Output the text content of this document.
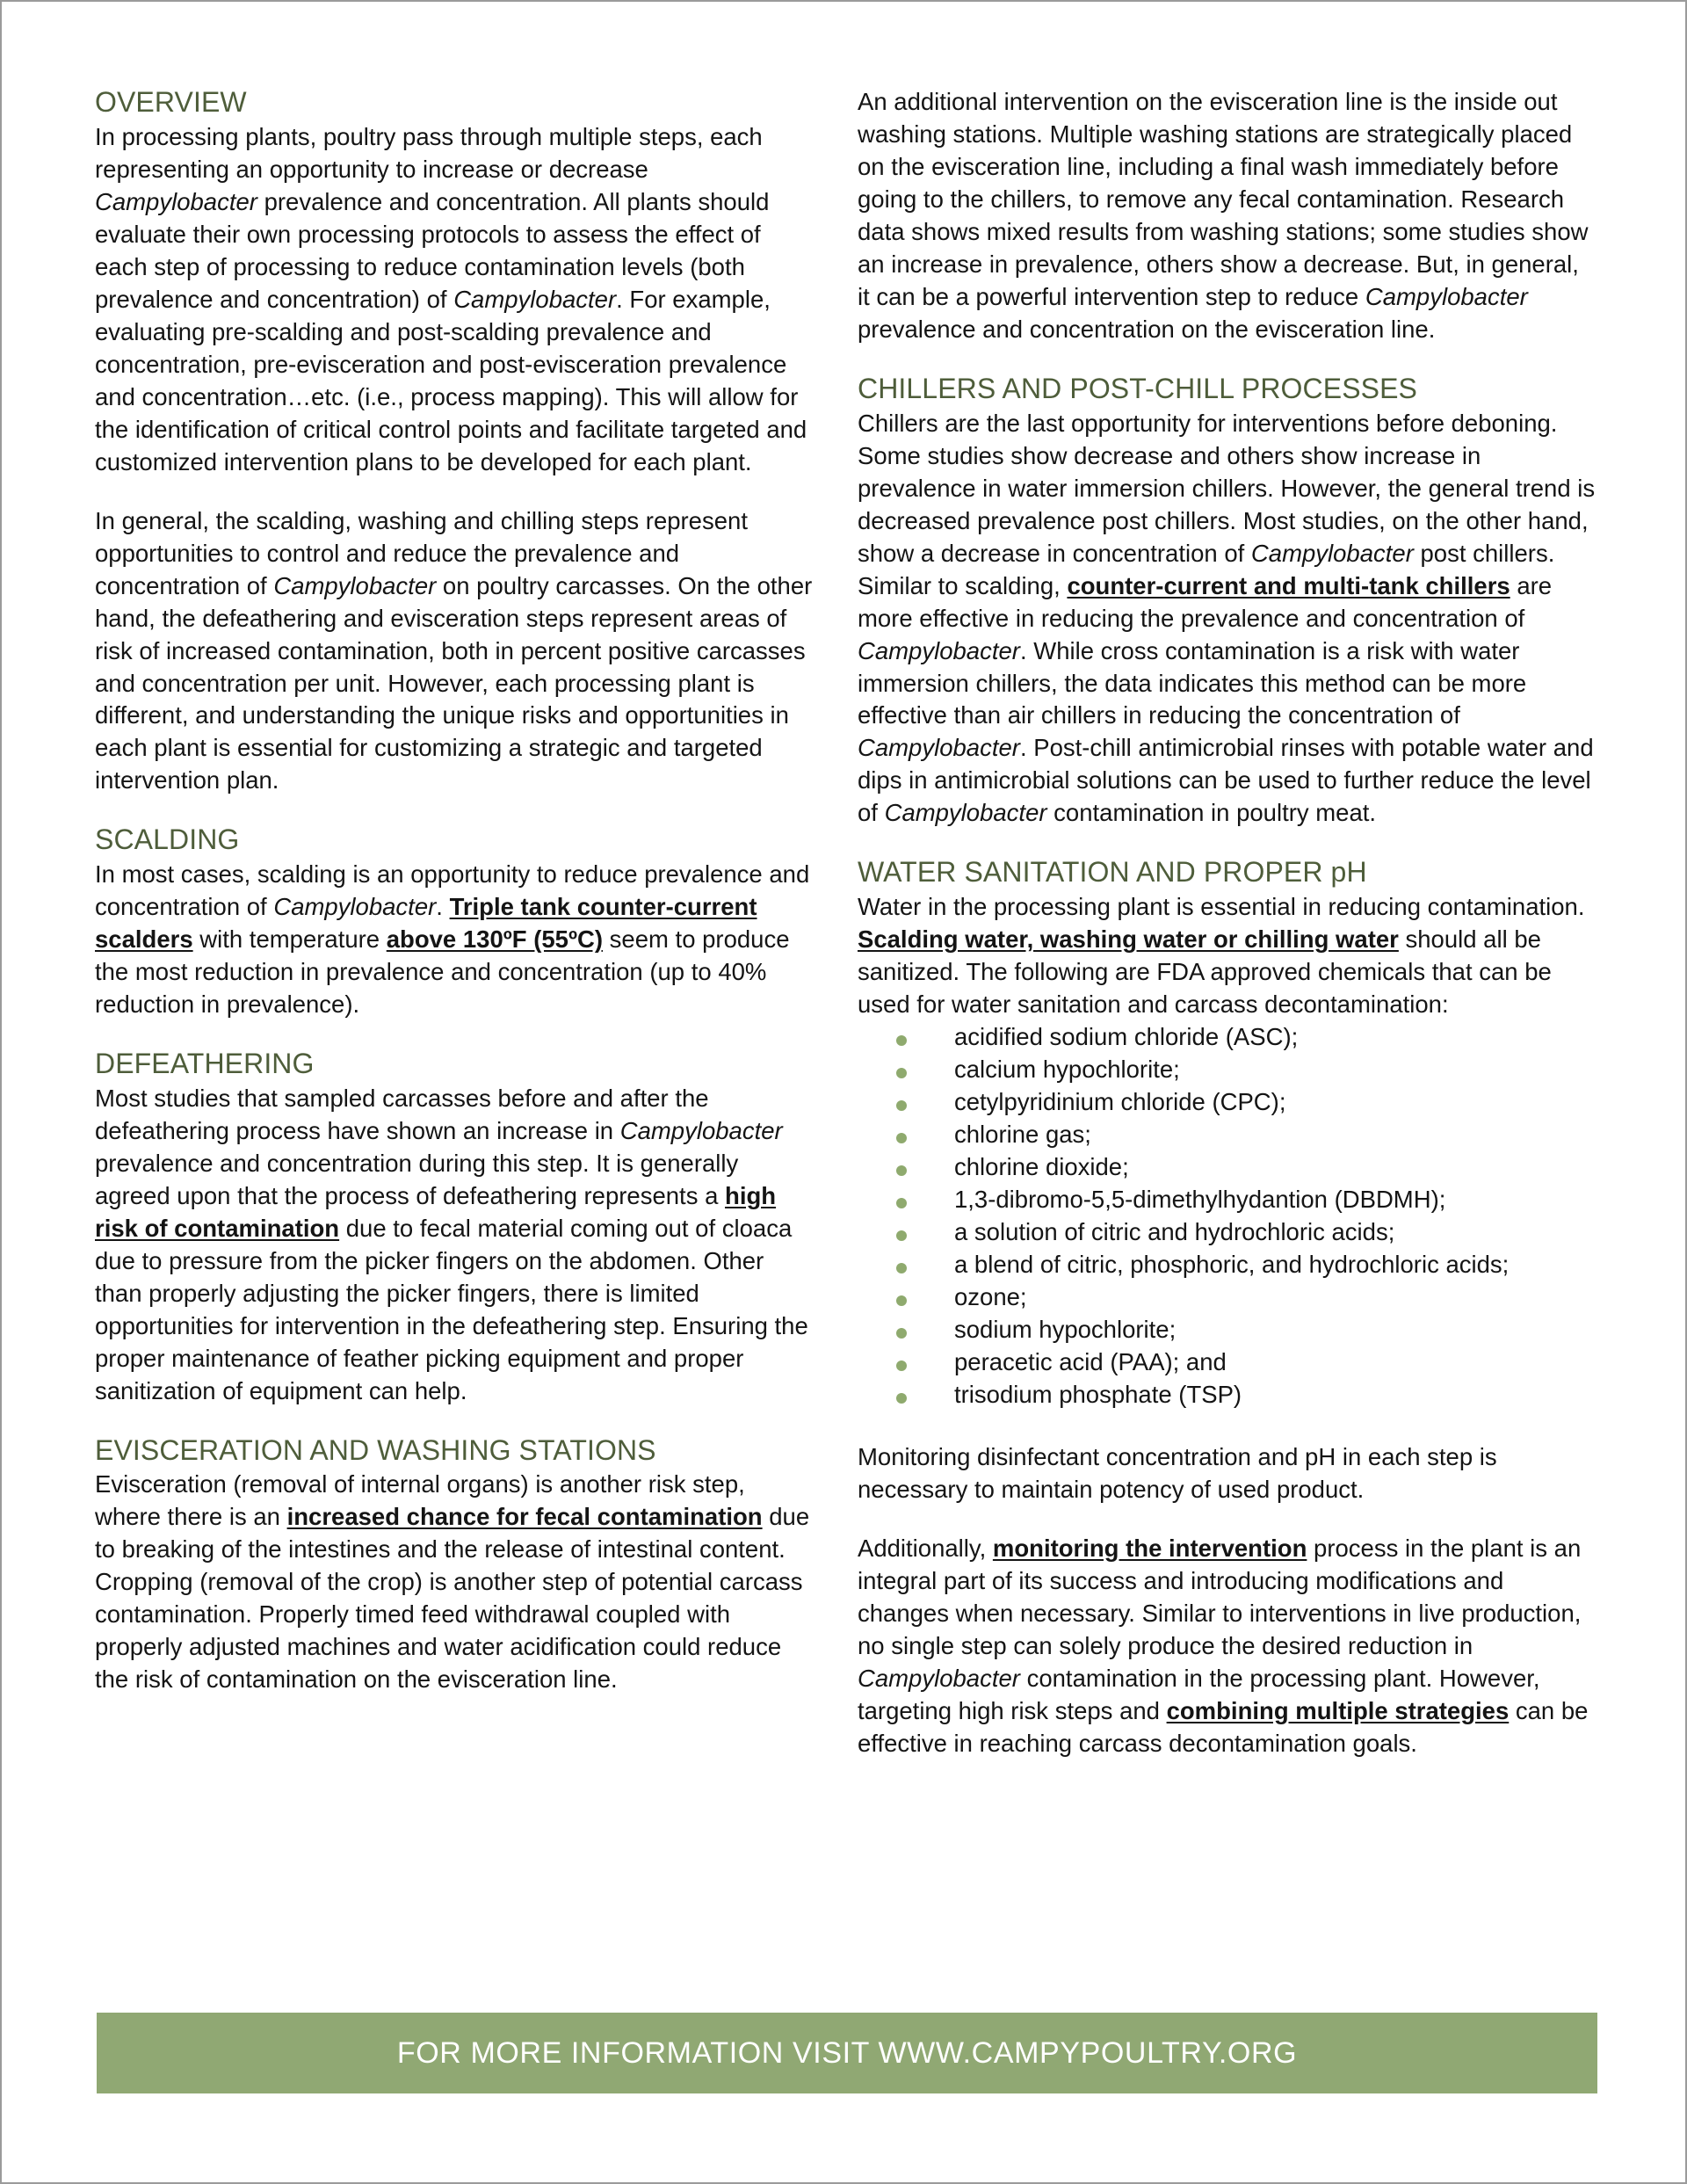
OVERVIEW

In processing plants, poultry pass through multiple steps, each representing an opportunity to increase or decrease Campylobacter prevalence and concentration. All plants should evaluate their own processing protocols to assess the effect of each step of processing to reduce contamination levels (both prevalence and concentration) of Campylobacter. For example, evaluating pre-scalding and post-scalding prevalence and concentration, pre-evisceration and post-evisceration prevalence and concentration…etc. (i.e., process mapping). This will allow for the identification of critical control points and facilitate targeted and customized intervention plans to be developed for each plant.

In general, the scalding, washing and chilling steps represent opportunities to control and reduce the prevalence and concentration of Campylobacter on poultry carcasses. On the other hand, the defeathering and evisceration steps represent areas of risk of increased contamination, both in percent positive carcasses and concentration per unit. However, each processing plant is different, and understanding the unique risks and opportunities in each plant is essential for customizing a strategic and targeted intervention plan.

SCALDING

In most cases, scalding is an opportunity to reduce prevalence and concentration of Campylobacter. Triple tank counter-current scalders with temperature above 130ºF (55ºC) seem to produce the most reduction in prevalence and concentration (up to 40% reduction in prevalence).

DEFEATHERING

Most studies that sampled carcasses before and after the defeathering process have shown an increase in Campylobacter prevalence and concentration during this step. It is generally agreed upon that the process of defeathering represents a high risk of contamination due to fecal material coming out of cloaca due to pressure from the picker fingers on the abdomen. Other than properly adjusting the picker fingers, there is limited opportunities for intervention in the defeathering step. Ensuring the proper maintenance of feather picking equipment and proper sanitization of equipment can help.

EVISCERATION AND WASHING STATIONS

Evisceration (removal of internal organs) is another risk step, where there is an increased chance for fecal contamination due to breaking of the intestines and the release of intestinal content. Cropping (removal of the crop) is another step of potential carcass contamination. Properly timed feed withdrawal coupled with properly adjusted machines and water acidification could reduce the risk of contamination on the evisceration line.

An additional intervention on the evisceration line is the inside out washing stations. Multiple washing stations are strategically placed on the evisceration line, including a final wash immediately before going to the chillers, to remove any fecal contamination. Research data shows mixed results from washing stations; some studies show an increase in prevalence, others show a decrease. But, in general, it can be a powerful intervention step to reduce Campylobacter prevalence and concentration on the evisceration line.

CHILLERS AND POST-CHILL PROCESSES

Chillers are the last opportunity for interventions before deboning. Some studies show decrease and others show increase in prevalence in water immersion chillers. However, the general trend is decreased prevalence post chillers. Most studies, on the other hand, show a decrease in concentration of Campylobacter post chillers. Similar to scalding, counter-current and multi-tank chillers are more effective in reducing the prevalence and concentration of Campylobacter. While cross contamination is a risk with water immersion chillers, the data indicates this method can be more effective than air chillers in reducing the concentration of Campylobacter. Post-chill antimicrobial rinses with potable water and dips in antimicrobial solutions can be used to further reduce the level of Campylobacter contamination in poultry meat.

WATER SANITATION AND PROPER pH

Water in the processing plant is essential in reducing contamination. Scalding water, washing water or chilling water should all be sanitized. The following are FDA approved chemicals that can be used for water sanitation and carcass decontamination:

acidified sodium chloride (ASC);
calcium hypochlorite;
cetylpyridinium chloride (CPC);
chlorine gas;
chlorine dioxide;
1,3-dibromo-5,5-dimethylhydantion (DBDMH);
a solution of citric and hydrochloric acids;
a blend of citric, phosphoric, and hydrochloric acids;
ozone;
sodium hypochlorite;
peracetic acid (PAA); and
trisodium phosphate (TSP)

Monitoring disinfectant concentration and pH in each step is necessary to maintain potency of used product.

Additionally, monitoring the intervention process in the plant is an integral part of its success and introducing modifications and changes when necessary. Similar to interventions in live production, no single step can solely produce the desired reduction in Campylobacter contamination in the processing plant. However, targeting high risk steps and combining multiple strategies can be effective in reaching carcass decontamination goals.

FOR MORE INFORMATION VISIT WWW.CAMPYPOULTRY.ORG
